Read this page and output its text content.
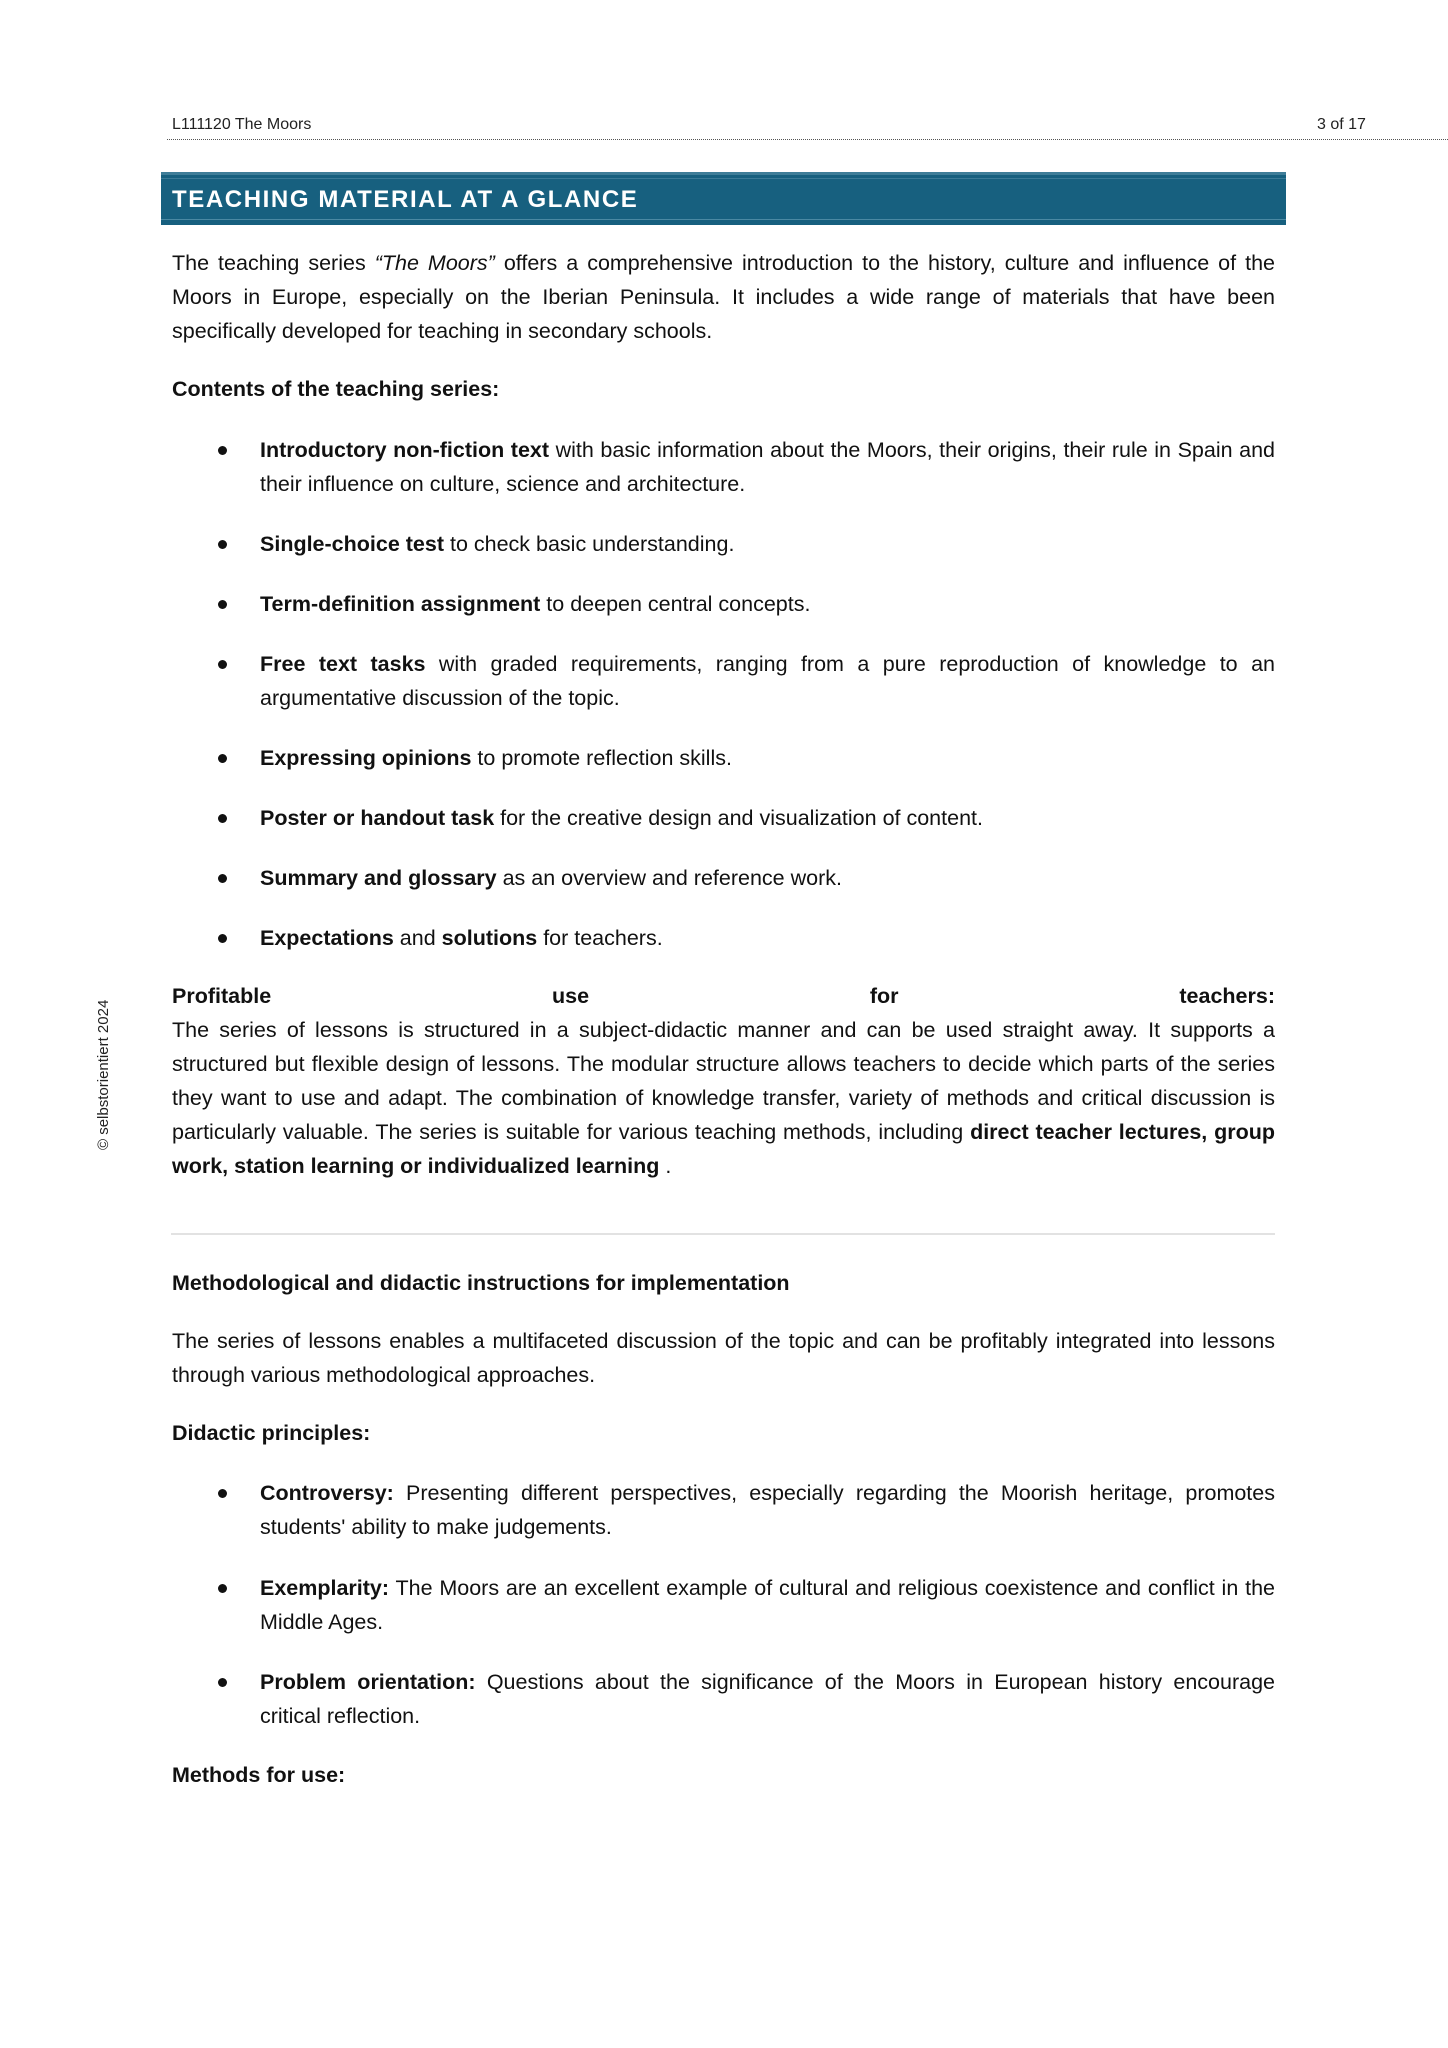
L111120 The Moors	3 of 17
TEACHING MATERIAL AT A GLANCE
© selbstorientiert 2024
The teaching series “The Moors” offers a comprehensive introduction to the history, culture and influence of the Moors in Europe, especially on the Iberian Peninsula. It includes a wide range of materials that have been specifically developed for teaching in secondary schools.
Contents of the teaching series:
Introductory non-fiction text with basic information about the Moors, their origins, their rule in Spain and their influence on culture, science and architecture.
Single-choice test to check basic understanding.
Term-definition assignment to deepen central concepts.
Free text tasks with graded requirements, ranging from a pure reproduction of knowledge to an argumentative discussion of the topic.
Expressing opinions to promote reflection skills.
Poster or handout task for the creative design and visualization of content.
Summary and glossary as an overview and reference work.
Expectations and solutions for teachers.
Profitable	use	for	teachers:
The series of lessons is structured in a subject-didactic manner and can be used straight away. It supports a structured but flexible design of lessons. The modular structure allows teachers to decide which parts of the series they want to use and adapt. The combination of knowledge transfer, variety of methods and critical discussion is particularly valuable. The series is suitable for various teaching methods, including direct teacher lectures, group work, station learning or individualized learning .
Methodological and didactic instructions for implementation
The series of lessons enables a multifaceted discussion of the topic and can be profitably integrated into lessons through various methodological approaches.
Didactic principles:
Controversy: Presenting different perspectives, especially regarding the Moorish heritage, promotes students' ability to make judgements.
Exemplarity: The Moors are an excellent example of cultural and religious coexistence and conflict in the Middle Ages.
Problem orientation: Questions about the significance of the Moors in European history encourage critical reflection.
Methods for use:
